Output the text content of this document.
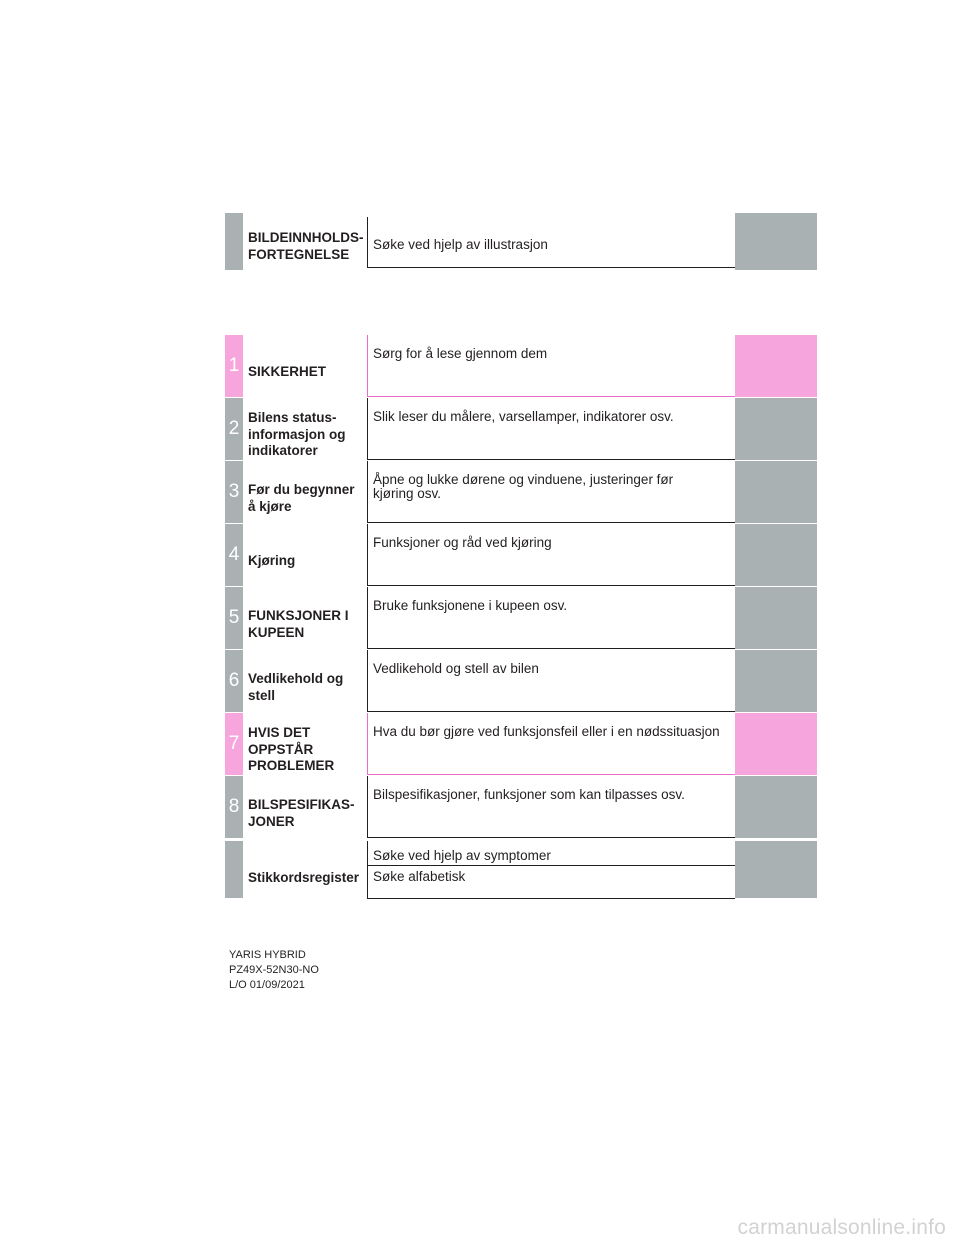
BILDEINNHOLDS-
FORTEGNELSE
Søke ved hjelp av illustrasjon
1 SIKKERHET
Sørg for å lese gjennom dem
2
Bilens status-
informasjon og
indikatorer
Slik leser du målere, varsellamper, indikatorer osv.
3 Før du begynner
å kjøre
Åpne og lukke dørene og vinduene, justeringer før
kjøring osv.
4 Kjøring
Funksjoner og råd ved kjøring
5 FUNKSJONER I
KUPEEN
Bruke funksjonene i kupeen osv.
6 Vedlikehold og
stell
Vedlikehold og stell av bilen
7
HVIS DET
OPPSTÅR
PROBLEMER
Hva du bør gjøre ved funksjonsfeil eller i en nødssituasjon
8 BILSPESIFIKAS-
JONER
Bilspesifikasjoner, funksjoner som kan tilpasses osv.
Stikkordsregister
Søke ved hjelp av symptomer
Søke alfabetisk
YARIS HYBRID
PZ49X-52N30-NO
L/O 01/09/2021
carmanualsonline.info
